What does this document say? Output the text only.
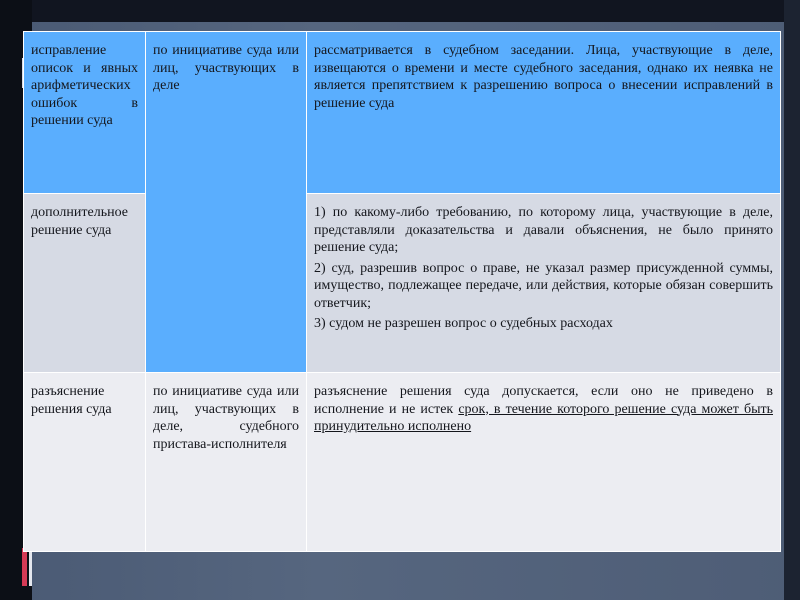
исправление описок и явных арифметических ошибок в решении суда	по инициативе суда или лиц, участвующих в деле	рассматривается в судебном заседании. Лица, участвующие в деле, извещаются о времени и месте судебного заседания, однако их неявка не является препятствием к разрешению вопроса о внесении исправлений в решение суда
дополнительное решение суда		1) по какому-либо требованию, по которому лица, участвующие в деле, представляли доказательства и давали объяснения, не было принято решение суда;
2) суд, разрешив вопрос о праве, не указал размер присужденной суммы, имущество, подлежащее передаче, или действия, которые обязан совершить ответчик;
3) судом не разрешен вопрос о судебных расходах

разъяснение решения суда	по инициативе суда или лиц, участвующих в деле, судебного пристава-исполнителя	разъяснение решения суда допускается, если оно не приведено в исполнение и не истек срок, в течение которого решение суда может быть принудительно исполнено
